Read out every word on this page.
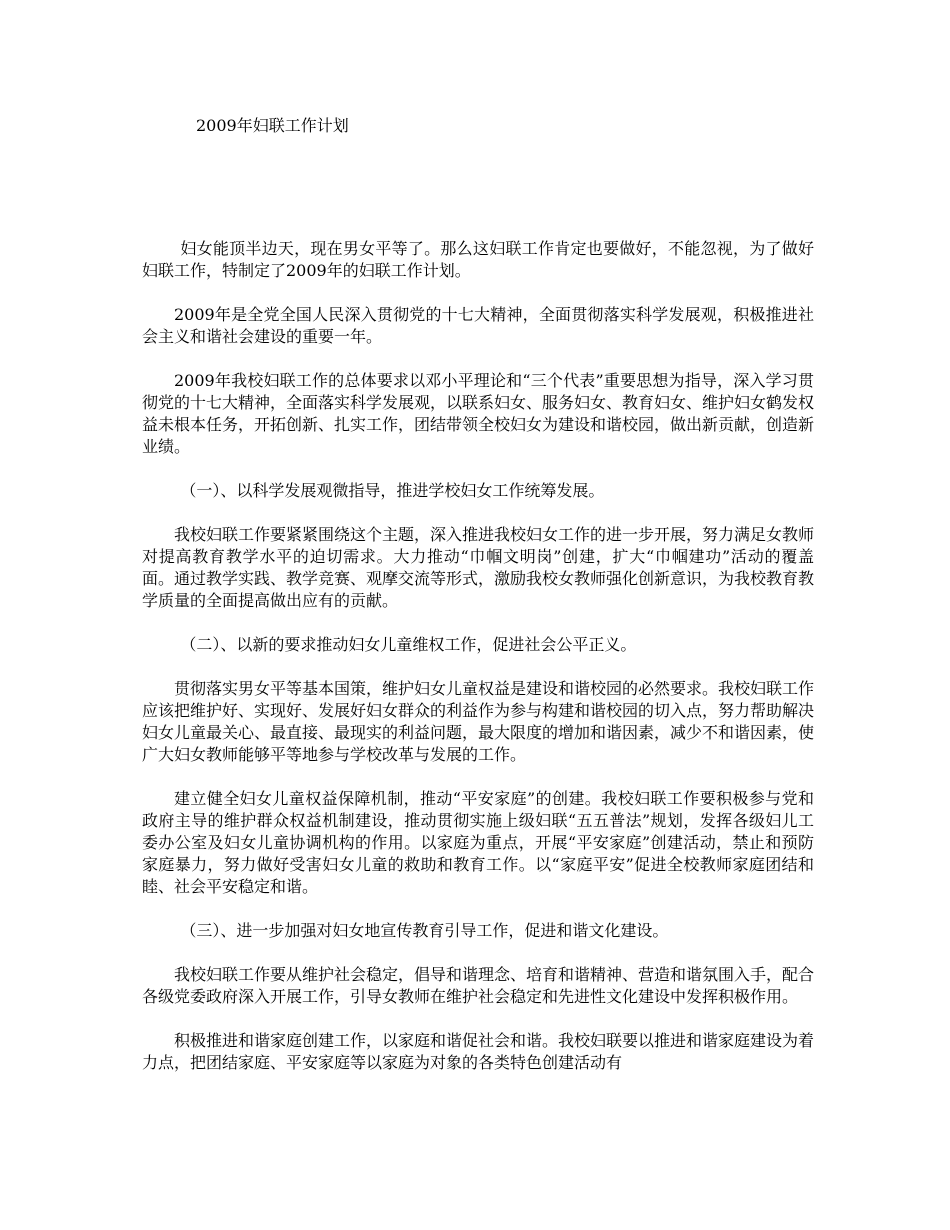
2009年妇联工作计划

妇女能顶半边天，现在男女平等了。那么这妇联工作肯定也要做好，不能忽视，为了做好妇联工作，特制定了2009年的妇联工作计划。

2009年是全党全国人民深入贯彻党的十七大精神，全面贯彻落实科学发展观，积极推进社会主义和谐社会建设的重要一年。

2009年我校妇联工作的总体要求以邓小平理论和“三个代表”重要思想为指导，深入学习贯彻党的十七大精神，全面落实科学发展观，以联系妇女、服务妇女、教育妇女、维护妇女鹤发权益未根本任务，开拓创新、扎实工作，团结带领全校妇女为建设和谐校园，做出新贡献，创造新业绩。

（一）、以科学发展观微指导，推进学校妇女工作统筹发展。

我校妇联工作要紧紧围绕这个主题，深入推进我校妇女工作的进一步开展，努力满足女教师对提高教育教学水平的迫切需求。大力推动“巾帼文明岗”创建，扩大“巾帼建功”活动的覆盖面。通过教学实践、教学竞赛、观摩交流等形式，激励我校女教师强化创新意识，为我校教育教学质量的全面提高做出应有的贡献。

（二）、以新的要求推动妇女儿童维权工作，促进社会公平正义。

贯彻落实男女平等基本国策，维护妇女儿童权益是建设和谐校园的必然要求。我校妇联工作应该把维护好、实现好、发展好妇女群众的利益作为参与构建和谐校园的切入点，努力帮助解决妇女儿童最关心、最直接、最现实的利益问题，最大限度的增加和谐因素，减少不和谐因素，使广大妇女教师能够平等地参与学校改革与发展的工作。

建立健全妇女儿童权益保障机制，推动“平安家庭”的创建。我校妇联工作要积极参与党和政府主导的维护群众权益机制建设，推动贯彻实施上级妇联“五五普法”规划，发挥各级妇儿工委办公室及妇女儿童协调机构的作用。以家庭为重点，开展“平安家庭”创建活动，禁止和预防家庭暴力，努力做好受害妇女儿童的救助和教育工作。以“家庭平安”促进全校教师家庭团结和睦、社会平安稳定和谐。

（三）、进一步加强对妇女地宣传教育引导工作，促进和谐文化建设。

我校妇联工作要从维护社会稳定，倡导和谐理念、培育和谐精神、营造和谐氛围入手，配合各级党委政府深入开展工作，引导女教师在维护社会稳定和先进性文化建设中发挥积极作用。

积极推进和谐家庭创建工作，以家庭和谐促社会和谐。我校妇联要以推进和谐家庭建设为着力点，把团结家庭、平安家庭等以家庭为对象的各类特色创建活动有
